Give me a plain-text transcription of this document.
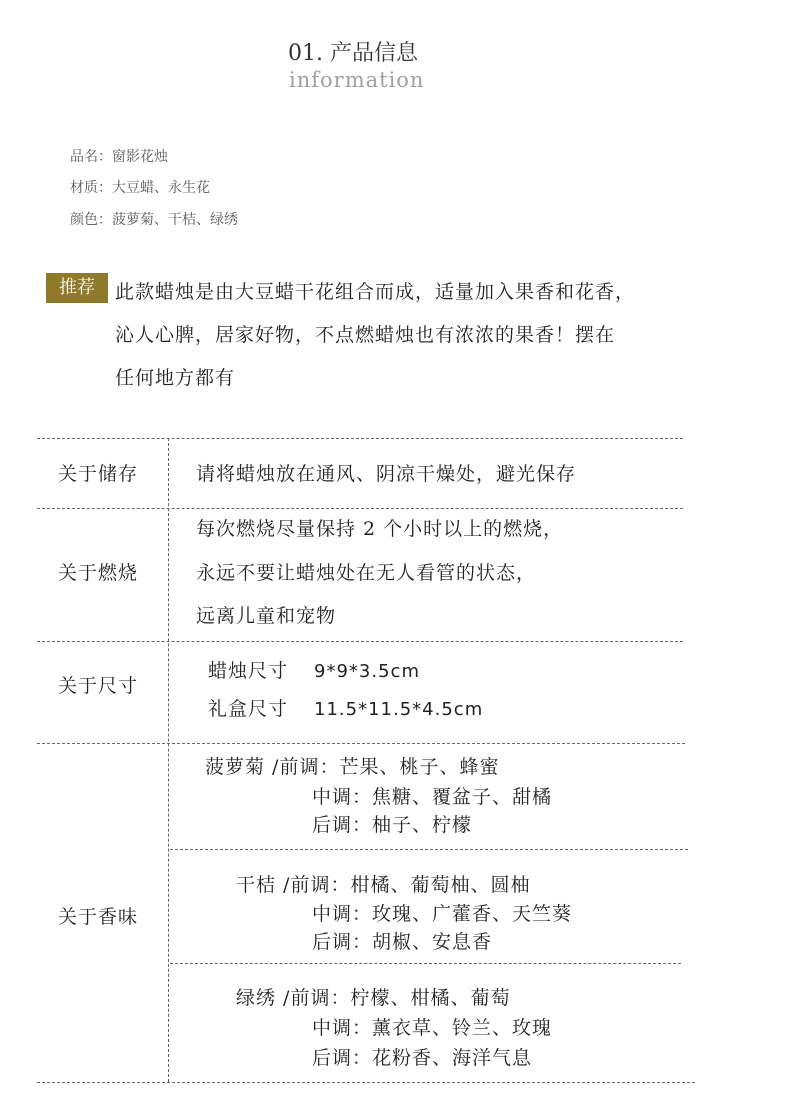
01. 产品信息
information
品名：窗影花烛
材质：大豆蜡、永生花
颜色：菠萝菊、干桔、绿绣
推荐	此款蜡烛是由大豆蜡干花组合而成，适量加入果香和花香，
沁人心脾，居家好物，不点燃蜡烛也有浓浓的果香！摆在
任何地方都有
关于储存	请将蜡烛放在通风、阴凉干燥处，避光保存
关于燃烧
每次燃烧尽量保持 2 个小时以上的燃烧，
永远不要让蜡烛处在无人看管的状态，
远离儿童和宠物
关于尺寸
蜡烛尺寸 9*9*3.5cm
礼盒尺寸 11.5*11.5*4.5cm
关于香味
菠萝菊 /前调：芒果、桃子、蜂蜜
中调：焦糖、覆盆子、甜橘
后调：柚子、柠檬
干桔 /前调：柑橘、葡萄柚、圆柚
中调：玫瑰、广藿香、天竺葵
后调：胡椒、安息香
绿绣 /前调：柠檬、柑橘、葡萄
中调：薰衣草、铃兰、玫瑰
后调：花粉香、海洋气息
